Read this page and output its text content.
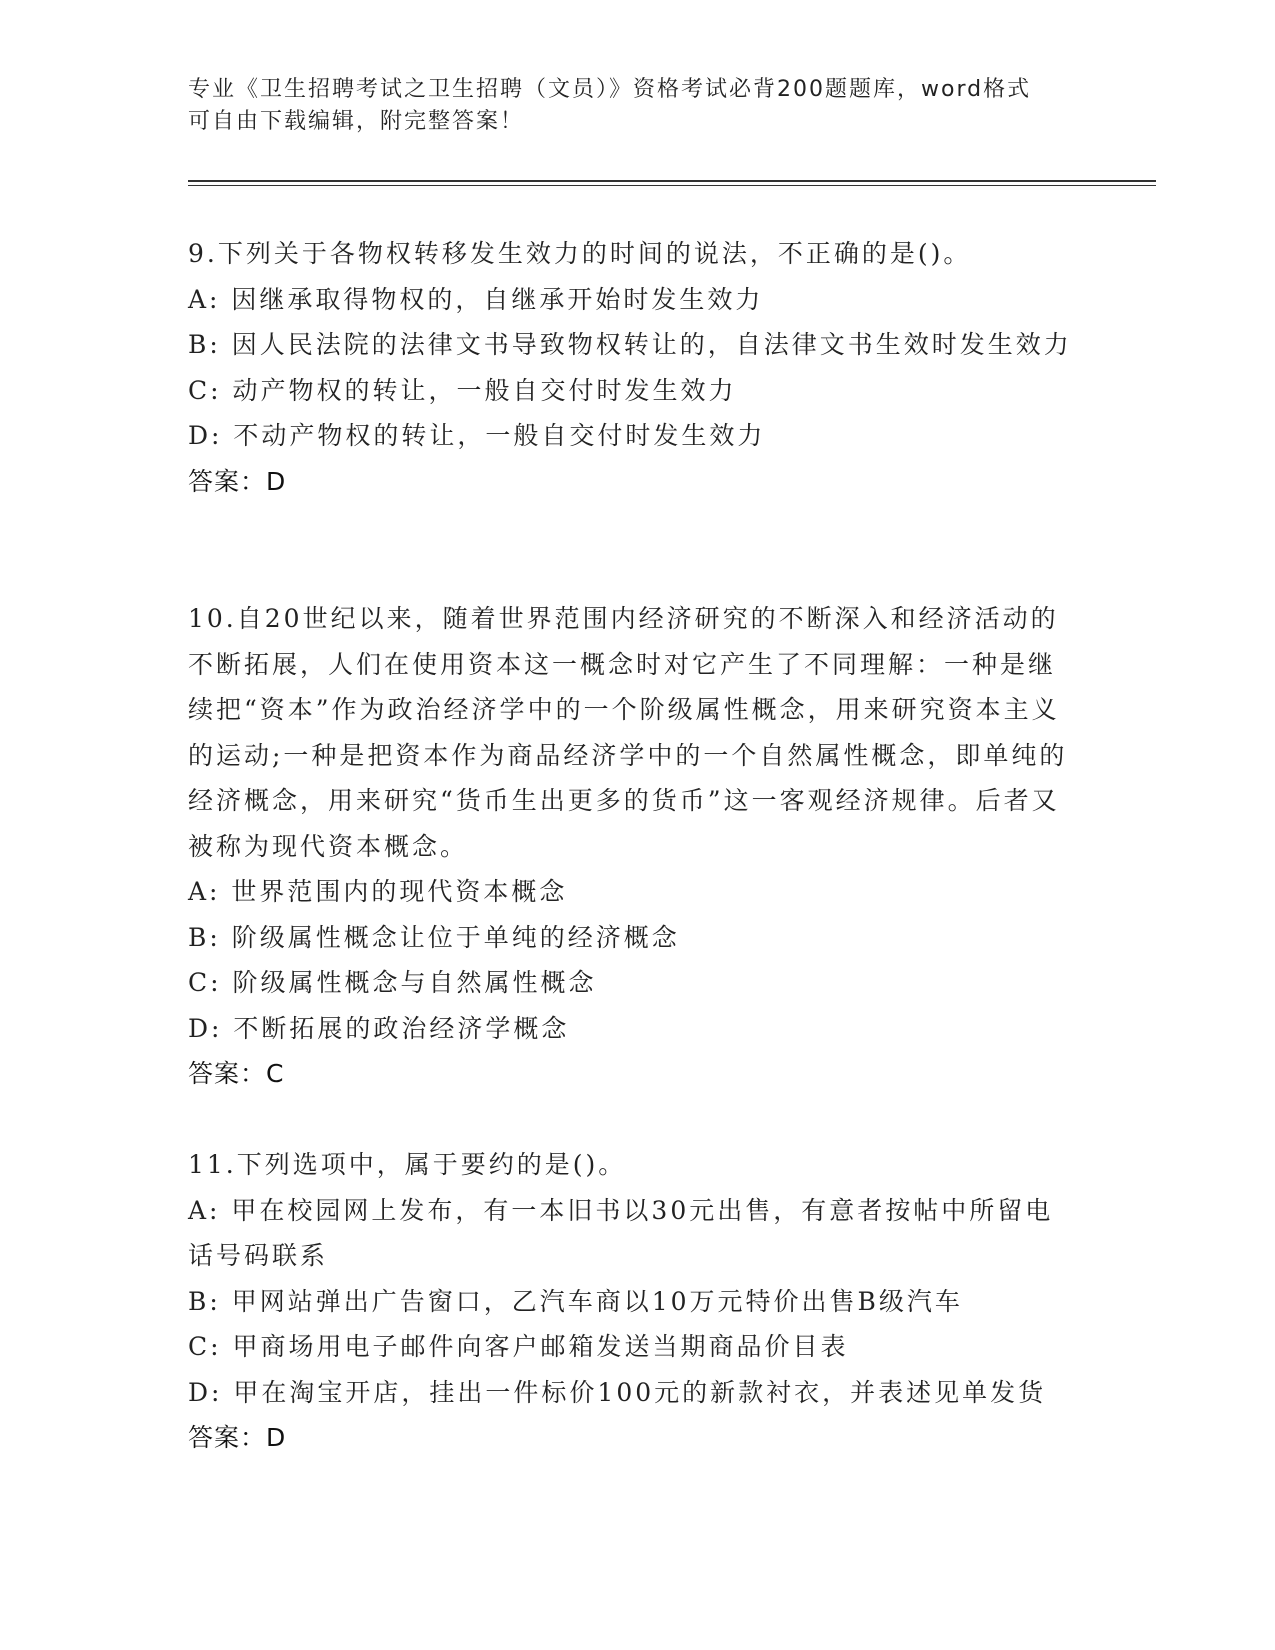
专业《卫生招聘考试之卫生招聘（文员）》资格考试必背200题题库，word格式
可自由下载编辑，附完整答案！

9.下列关于各物权转移发生效力的时间的说法，不正确的是()。

A: 因继承取得物权的，自继承开始时发生效力

B: 因人民法院的法律文书导致物权转让的，自法律文书生效时发生效力

C: 动产物权的转让，一般自交付时发生效力

D: 不动产物权的转让，一般自交付时发生效力

答案：D

10.自20世纪以来，随着世界范围内经济研究的不断深入和经济活动的不断拓展，人们在使用资本这一概念时对它产生了不同理解：一种是继续把“资本”作为政治经济学中的一个阶级属性概念，用来研究资本主义的运动;一种是把资本作为商品经济学中的一个自然属性概念，即单纯的经济概念，用来研究“货币生出更多的货币”这一客观经济规律。后者又被称为现代资本概念。

A: 世界范围内的现代资本概念

B: 阶级属性概念让位于单纯的经济概念

C: 阶级属性概念与自然属性概念

D: 不断拓展的政治经济学概念

答案：C

11.下列选项中，属于要约的是()。

A: 甲在校园网上发布，有一本旧书以30元出售，有意者按帖中所留电话号码联系

B: 甲网站弹出广告窗口，乙汽车商以10万元特价出售B级汽车

C: 甲商场用电子邮件向客户邮箱发送当期商品价目表

D: 甲在淘宝开店，挂出一件标价100元的新款衬衣，并表述见单发货

答案：D
